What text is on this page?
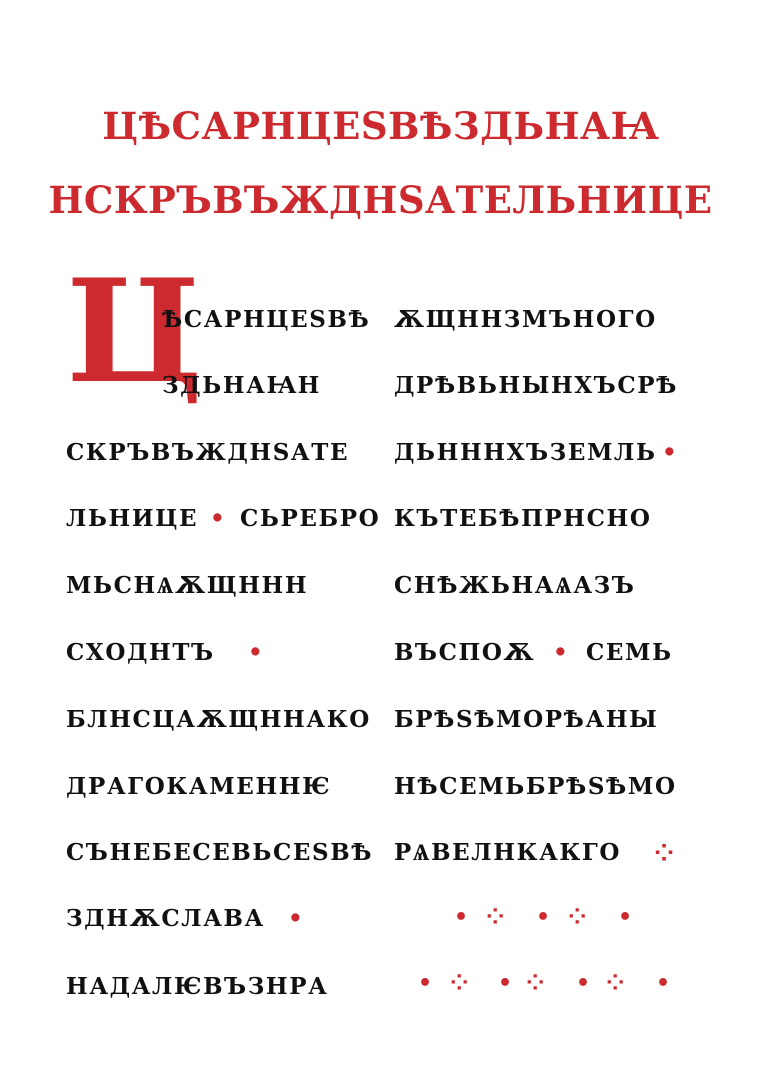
ЦѢСАРНЦЕЅВѢЗДЬНАꙖ
НСКРЪВЪЖДНЅАТЕЛЬНИЦЕ
Ц
ѢСАРНЦЕЅВѢ
ЗДЬНАꙖН
СКРЪВЪЖДНЅАТЕ
ЛЬНИЦЕ • СЬРЕБРО
МЬСНѦѪЩННН
СХОДНТЪ •
БЛНСЦАѪЩННАКО
ДРАГОКАМЕННѤ
СЪНЕБЕСЕВЬСЕЅВѢ
ЗДНѪСЛАВА •
НАДАЛѤВЪЗНРА
ѪЩННЗМЪНОГО
ДРѢВЬНЫНХЪСРѢ
ДЬНННХЪЗЕМЛЬ •
КЪТЕБѢПРНСНО
СНѢЖЬНАѦАЗЪ
ВЪСПОѪ • СЕМЬ
БРѢЅѢМОРѢАНЫ
НѢСЕМЬБРѢЅѢМО
РѦВЕЛНКАКГО ⁘
• ⁘ • ⁘ •
• ⁘ • ⁘ • ⁘ •
